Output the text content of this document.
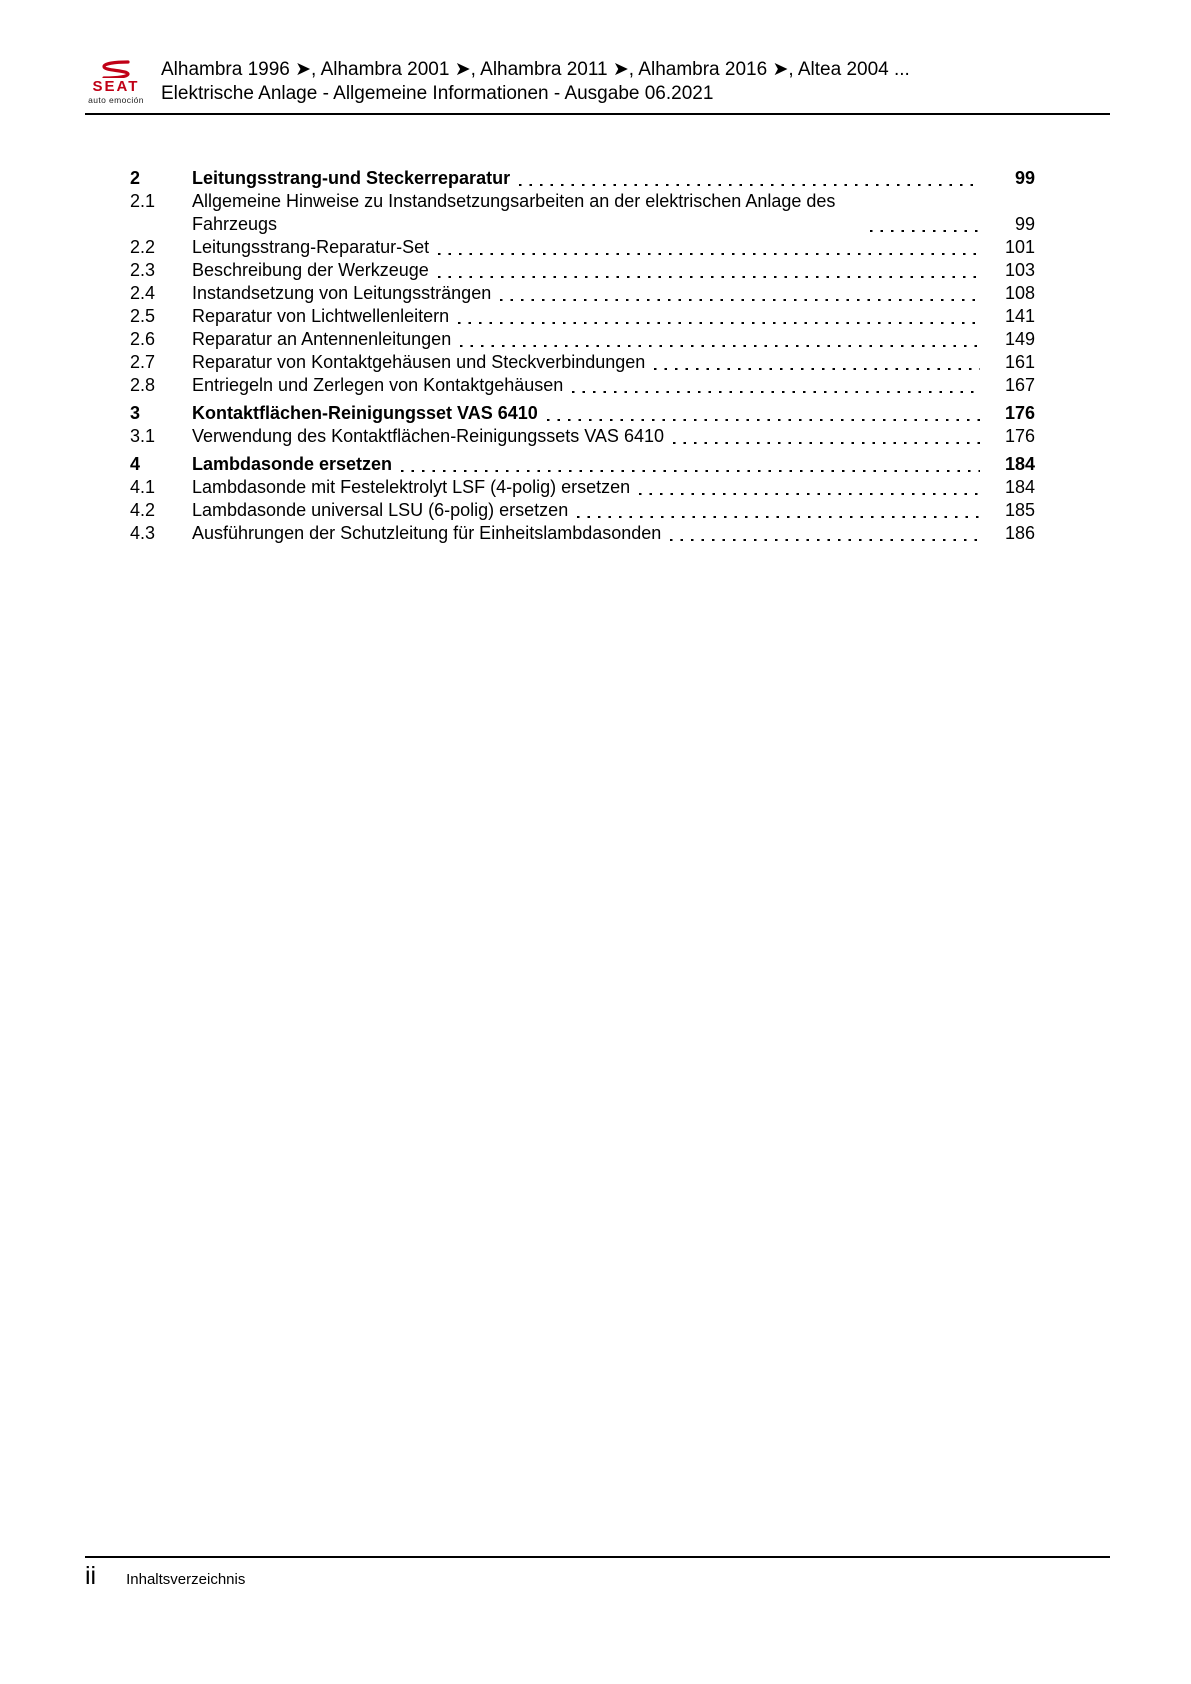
SEAT
auto emoción
Alhambra 1996 ➤, Alhambra 2001 ➤, Alhambra 2011 ➤, Alhambra 2016 ➤, Altea 2004 ...
Elektrische Anlage - Allgemeine Informationen - Ausgabe 06.2021
2	Leitungsstrang-und Steckerreparatur	99
2.1	Allgemeine Hinweise zu Instandsetzungsarbeiten an der elektrischen Anlage des Fahrzeugs	99
2.2	Leitungsstrang-Reparatur-Set	101
2.3	Beschreibung der Werkzeuge	103
2.4	Instandsetzung von Leitungssträngen	108
2.5	Reparatur von Lichtwellenleitern	141
2.6	Reparatur an Antennenleitungen	149
2.7	Reparatur von Kontaktgehäusen und Steckverbindungen	161
2.8	Entriegeln und Zerlegen von Kontaktgehäusen	167
3	Kontaktflächen-Reinigungsset VAS 6410	176
3.1	Verwendung des Kontaktflächen-Reinigungssets VAS 6410	176
4	Lambdasonde ersetzen	184
4.1	Lambdasonde mit Festelektrolyt LSF (4-polig) ersetzen	184
4.2	Lambdasonde universal LSU (6-polig) ersetzen	185
4.3	Ausführungen der Schutzleitung für Einheitslambdasonden	186
ii Inhaltsverzeichnis
